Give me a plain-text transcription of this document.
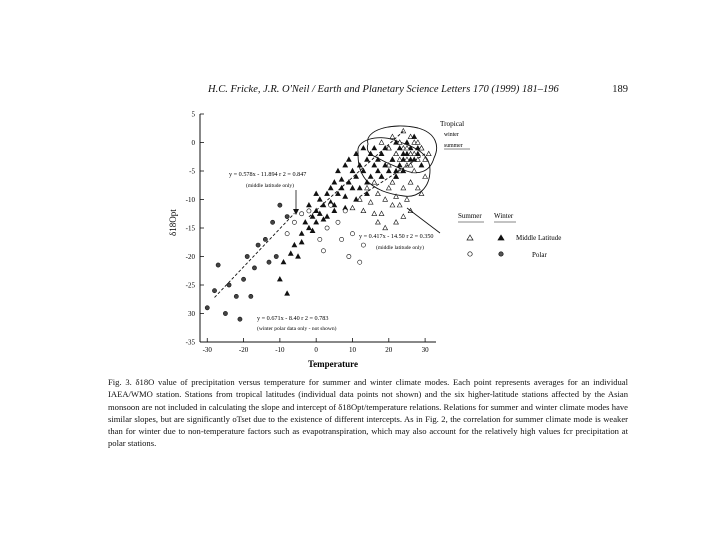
H.C. Fricke, J.R. O'Neil / Earth and Planetary Science Letters 170 (1999) 181–196	189
5
0
-5
-10
-15
-20
-25
30
-35
-30	-20	-10	0	10	20	30
y = 0.578x - 11.894 r 2 = 0.847
(middle latitude only)
y = 0.417x - 14.50 r 2 = 0.350
(middle latitude only)
y = 0.671x - 8.40 r 2 = 0.783
(winter polar data only - not shown)
Tropical
winter
summer
Summer Winter
Middle Latitude
Polar
Temperature
δ18Opt

Fig. 3. δ18O value of precipitation versus temperature for summer and winter climate modes. Each point represents averages for an individual IAEA/WMO station. Stations from tropical latitudes (individual data points not shown) and the six higher-latitude stations affected by the Asian monsoon are not included in calculating the slope and intercept of δ18Opt/temperature relations. Relations for summer and winter climate modes have similar slopes, but are significantly oTset due to the existence of different intercepts. As in Fig. 2, the correlation for summer climate mode is weaker than for winter due to non-temperature factors such as evapotranspiration, which may also account for the relatively high values fcr precipitation at polar stations.
